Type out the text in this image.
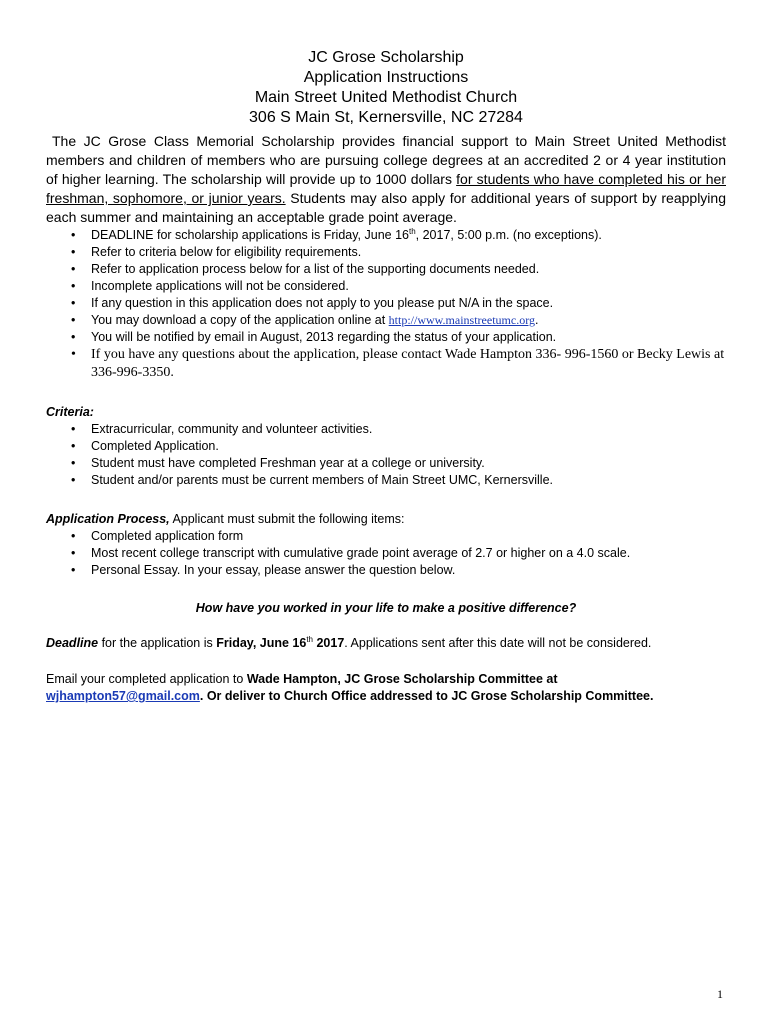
JC Grose Scholarship
Application Instructions
Main Street United Methodist Church
306 S Main St, Kernersville, NC 27284
The JC Grose Class Memorial Scholarship provides financial support to Main Street United Methodist members and children of members who are pursuing college degrees at an accredited 2 or 4 year institution of higher learning. The scholarship will provide up to 1000 dollars for students who have completed his or her freshman, sophomore, or junior years. Students may also apply for additional years of support by reapplying each summer and maintaining an acceptable grade point average.
• DEADLINE for scholarship applications is Friday, June 16th, 2017, 5:00 p.m. (no exceptions).
• Refer to criteria below for eligibility requirements.
• Refer to application process below for a list of the supporting documents needed.
• Incomplete applications will not be considered.
• If any question in this application does not apply to you please put N/A in the space.
• You may download a copy of the application online at http://www.mainstreetumc.org.
• You will be notified by email in August, 2013 regarding the status of your application.
• If you have any questions about the application, please contact Wade Hampton 336- 996-1560 or Becky Lewis at 336-996-3350.
Criteria:
• Extracurricular, community and volunteer activities.
• Completed Application.
• Student must have completed Freshman year at a college or university.
• Student and/or parents must be current members of Main Street UMC, Kernersville.
Application Process, Applicant must submit the following items:
• Completed application form
• Most recent college transcript with cumulative grade point average of 2.7 or higher on a 4.0 scale.
• Personal Essay. In your essay, please answer the question below.
How have you worked in your life to make a positive difference?
Deadline for the application is Friday, June 16th 2017. Applications sent after this date will not be considered.
Email your completed application to Wade Hampton, JC Grose Scholarship Committee at
wjhampton57@gmail.com. Or deliver to Church Office addressed to JC Grose Scholarship Committee.
1
